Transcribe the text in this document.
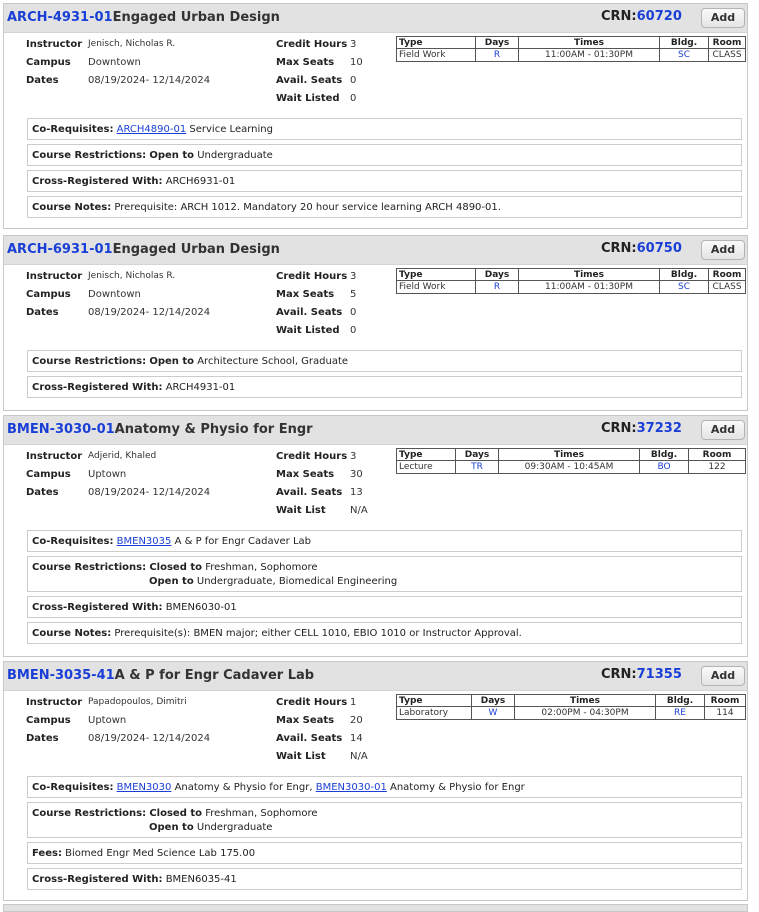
ARCH-4931-01Engaged Urban Design	CRN:60720	Add
Instructor Jenisch, Nicholas R.
Campus Downtown
Dates	08/19/2024- 12/14/2024
Credit Hours 3
Max Seats 10
Avail. Seats 0
Wait Listed 0
Type	Days	Times	Bldg.	Room
Field Work	R	11:00AM - 01:30PM	SC	CLASS
Co-Requisites: ARCH4890-01 Service Learning
Course Restrictions: Open to Undergraduate
Cross-Registered With: ARCH6931-01
Course Notes: Prerequisite: ARCH 1012. Mandatory 20 hour service learning ARCH 4890-01.
ARCH-6931-01Engaged Urban Design	CRN:60750	Add
Instructor Jenisch, Nicholas R.
Campus Downtown
Dates	08/19/2024- 12/14/2024
Credit Hours 3
Max Seats 5
Avail. Seats 0
Wait Listed 0
Type	Days	Times	Bldg.	Room
Field Work	R	11:00AM - 01:30PM	SC	CLASS
Course Restrictions: Open to Architecture School, Graduate
Cross-Registered With: ARCH4931-01
BMEN-3030-01Anatomy & Physio for Engr	CRN:37232	Add
Instructor Adjerid, Khaled
Campus Uptown
Dates	08/19/2024- 12/14/2024
Credit Hours 3
Max Seats 30
Avail. Seats 13
Wait List N/A
Type	Days	Times	Bldg.	Room
Lecture	TR	09:30AM - 10:45AM	BO	122
Co-Requisites: BMEN3035 A & P for Engr Cadaver Lab
Course Restrictions: Closed to Freshman, Sophomore
Open to Undergraduate, Biomedical Engineering
Cross-Registered With: BMEN6030-01
Course Notes: Prerequisite(s): BMEN major; either CELL 1010, EBIO 1010 or Instructor Approval.
BMEN-3035-41A & P for Engr Cadaver Lab	CRN:71355	Add
Instructor Papadopoulos, Dimitri
Campus Uptown
Dates	08/19/2024- 12/14/2024
Credit Hours 1
Max Seats 20
Avail. Seats 14
Wait List N/A
Type	Days	Times	Bldg.	Room
Laboratory	W	02:00PM - 04:30PM	RE	114
Co-Requisites: BMEN3030 Anatomy & Physio for Engr, BMEN3030-01 Anatomy & Physio for Engr
Course Restrictions: Closed to Freshman, Sophomore
Open to Undergraduate
Fees: Biomed Engr Med Science Lab 175.00
Cross-Registered With: BMEN6035-41
